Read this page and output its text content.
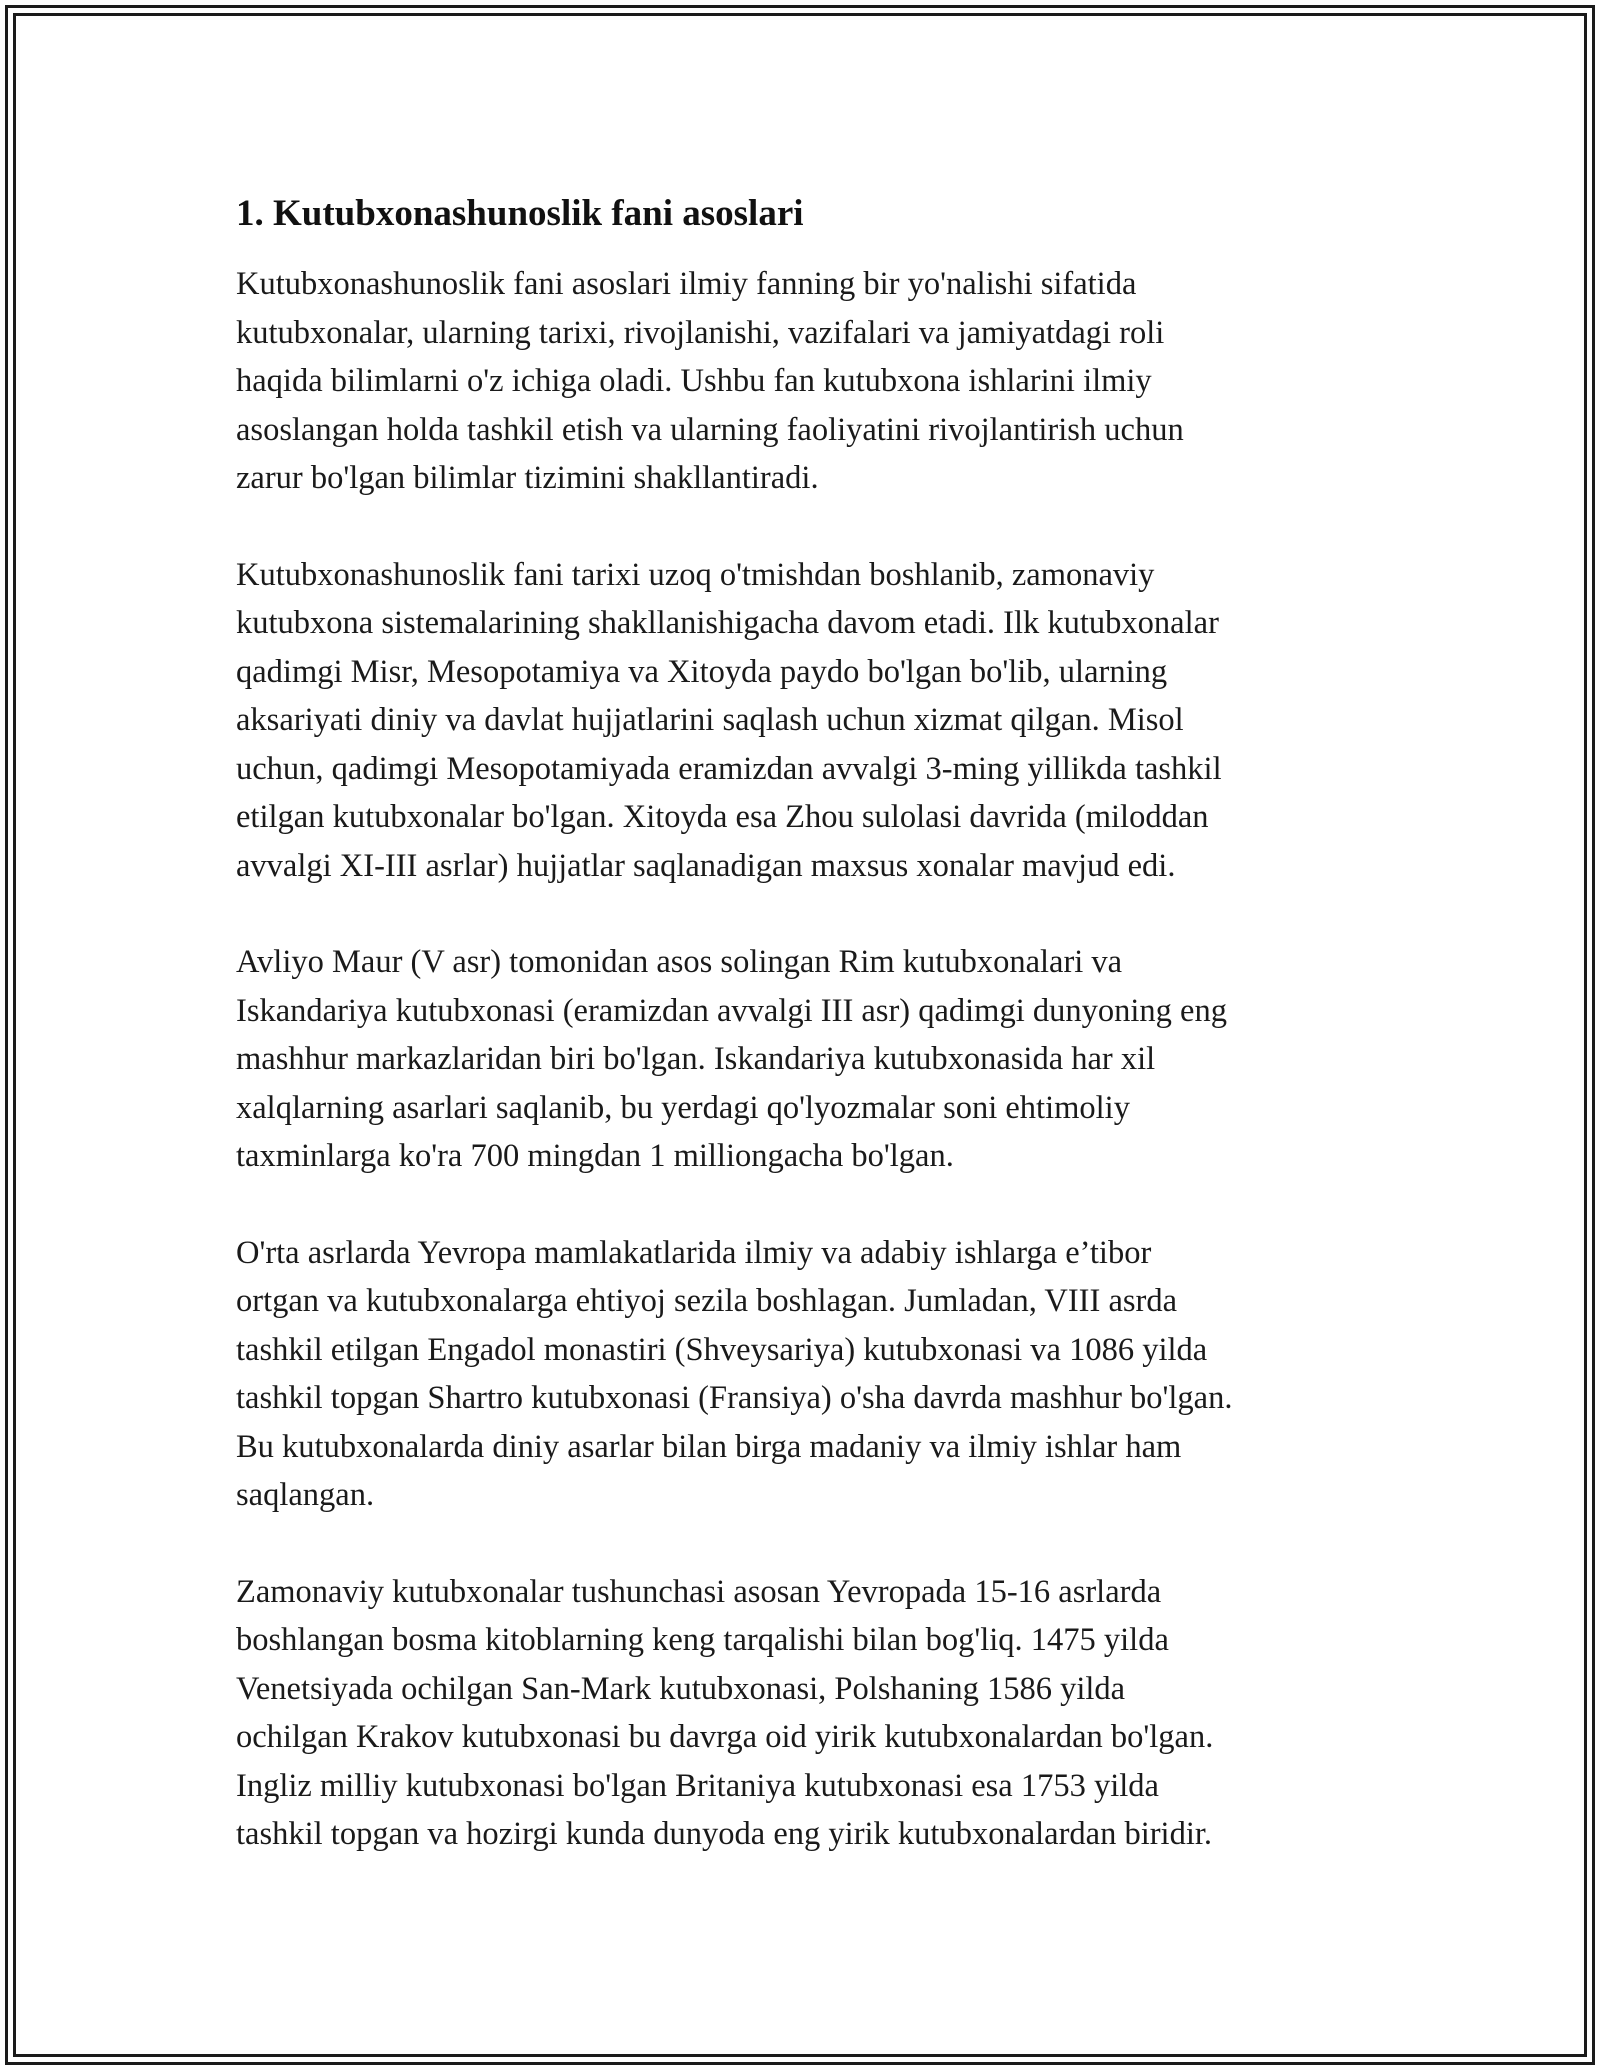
1. Kutubxonashunoslik fani asoslari

Kutubxonashunoslik fani asoslari ilmiy fanning bir yo'nalishi sifatida
kutubxonalar, ularning tarixi, rivojlanishi, vazifalari va jamiyatdagi roli
haqida bilimlarni o'z ichiga oladi. Ushbu fan kutubxona ishlarini ilmiy
asoslangan holda tashkil etish va ularning faoliyatini rivojlantirish uchun
zarur bo'lgan bilimlar tizimini shakllantiradi.

Kutubxonashunoslik fani tarixi uzoq o'tmishdan boshlanib, zamonaviy
kutubxona sistemalarining shakllanishigacha davom etadi. Ilk kutubxonalar
qadimgi Misr, Mesopotamiya va Xitoyda paydo bo'lgan bo'lib, ularning
aksariyati diniy va davlat hujjatlarini saqlash uchun xizmat qilgan. Misol
uchun, qadimgi Mesopotamiyada eramizdan avvalgi 3-ming yillikda tashkil
etilgan kutubxonalar bo'lgan. Xitoyda esa Zhou sulolasi davrida (miloddan
avvalgi XI-III asrlar) hujjatlar saqlanadigan maxsus xonalar mavjud edi.

Avliyo Maur (V asr) tomonidan asos solingan Rim kutubxonalari va
Iskandariya kutubxonasi (eramizdan avvalgi III asr) qadimgi dunyoning eng
mashhur markazlaridan biri bo'lgan. Iskandariya kutubxonasida har xil
xalqlarning asarlari saqlanib, bu yerdagi qo'lyozmalar soni ehtimoliy
taxminlarga ko'ra 700 mingdan 1 milliongacha bo'lgan.

O'rta asrlarda Yevropa mamlakatlarida ilmiy va adabiy ishlarga e’tibor
ortgan va kutubxonalarga ehtiyoj sezila boshlagan. Jumladan, VIII asrda
tashkil etilgan Engadol monastiri (Shveysariya) kutubxonasi va 1086 yilda
tashkil topgan Shartro kutubxonasi (Fransiya) o'sha davrda mashhur bo'lgan.
Bu kutubxonalarda diniy asarlar bilan birga madaniy va ilmiy ishlar ham
saqlangan.

Zamonaviy kutubxonalar tushunchasi asosan Yevropada 15-16 asrlarda
boshlangan bosma kitoblarning keng tarqalishi bilan bog'liq. 1475 yilda
Venetsiyada ochilgan San-Mark kutubxonasi, Polshaning 1586 yilda
ochilgan Krakov kutubxonasi bu davrga oid yirik kutubxonalardan bo'lgan.
Ingliz milliy kutubxonasi bo'lgan Britaniya kutubxonasi esa 1753 yilda
tashkil topgan va hozirgi kunda dunyoda eng yirik kutubxonalardan biridir.
